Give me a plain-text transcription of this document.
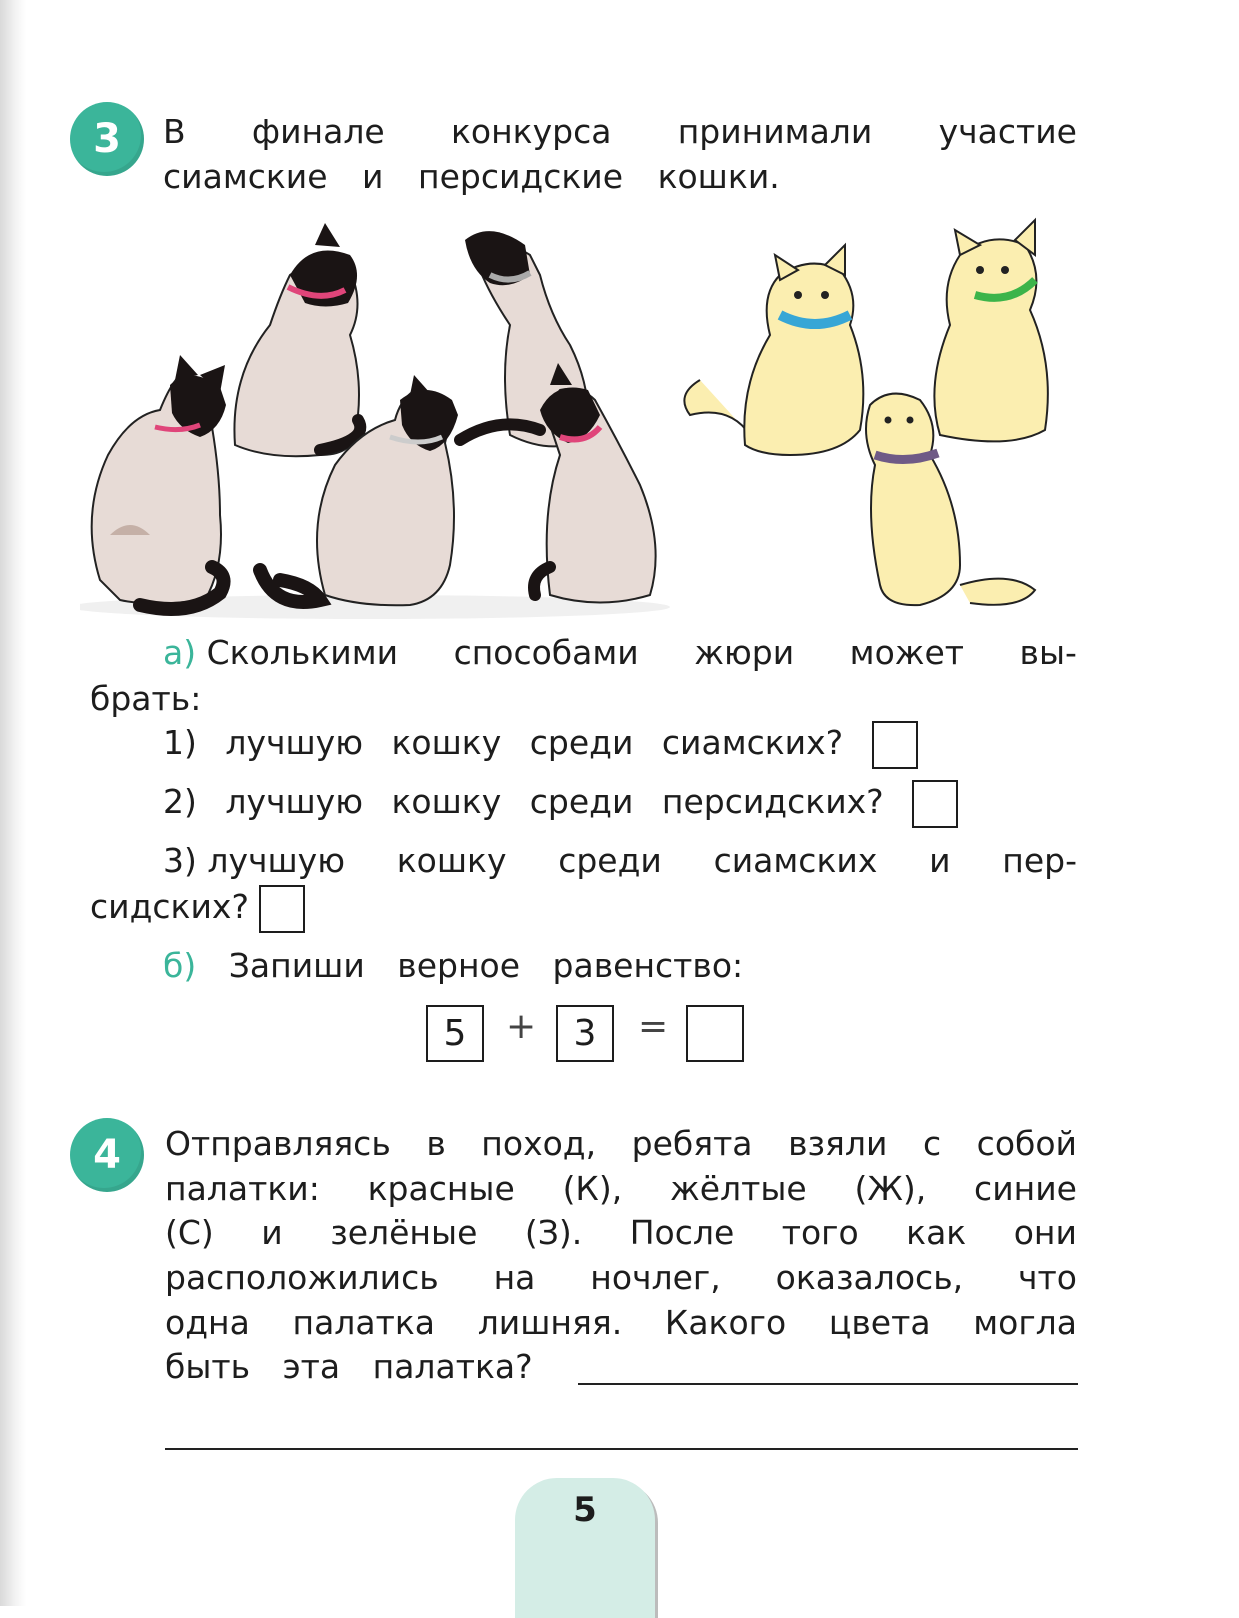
3 В финале конкурса принимали участие
сиамские и персидские кошки.
а) Сколькими способами жюри может вы-
брать:
1) лучшую кошку среди сиамских?
2) лучшую кошку среди персидских?
3) лучшую кошку среди сиамских и пер-
сидских?
б) Запиши верное равенство:
5 + 3 =
4 Отправляясь в поход, ребята взяли с собой
палатки: красные (К), жёлтые (Ж), синие
(С) и зелёные (З). После того как они
расположились на ночлег, оказалось, что
одна палатка лишняя. Какого цвета могла
быть эта палатка?
5
